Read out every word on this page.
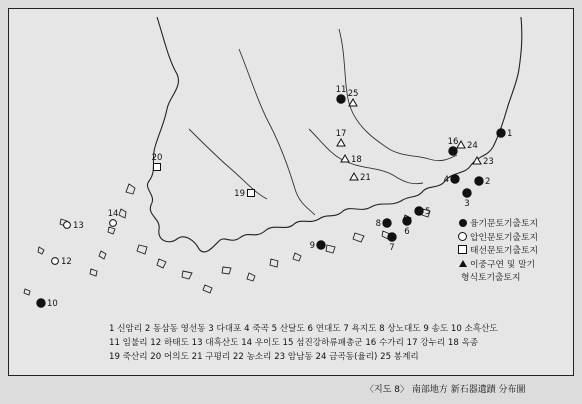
1
2
3
4
5
6
7
8
9
10
11
12
13
14
16
17
18
19
20
21
23
24
25
융기문토기출토지
압인문토기출토지
태선문토기출토지
이중구연 및 말기
형식토기출토지
1 신암리 2 동삼동 영선동 3 다대포 4 죽곡 5 산달도 6 연대도 7 욕지도 8 상노대도 9 송도 10 소흑산도
11 임불리 12 하태도 13 대흑산도 14 우이도 15 섬진강하류패총군 16 수가리 17 강누리 18 옥종
19 죽산리 20 어의도 21 구평리 22 농소리 23 암남동 24 금곡동(율리) 25 봉계리
〈지도 8〉 南部地方 新石器遺蹟 分布圖
